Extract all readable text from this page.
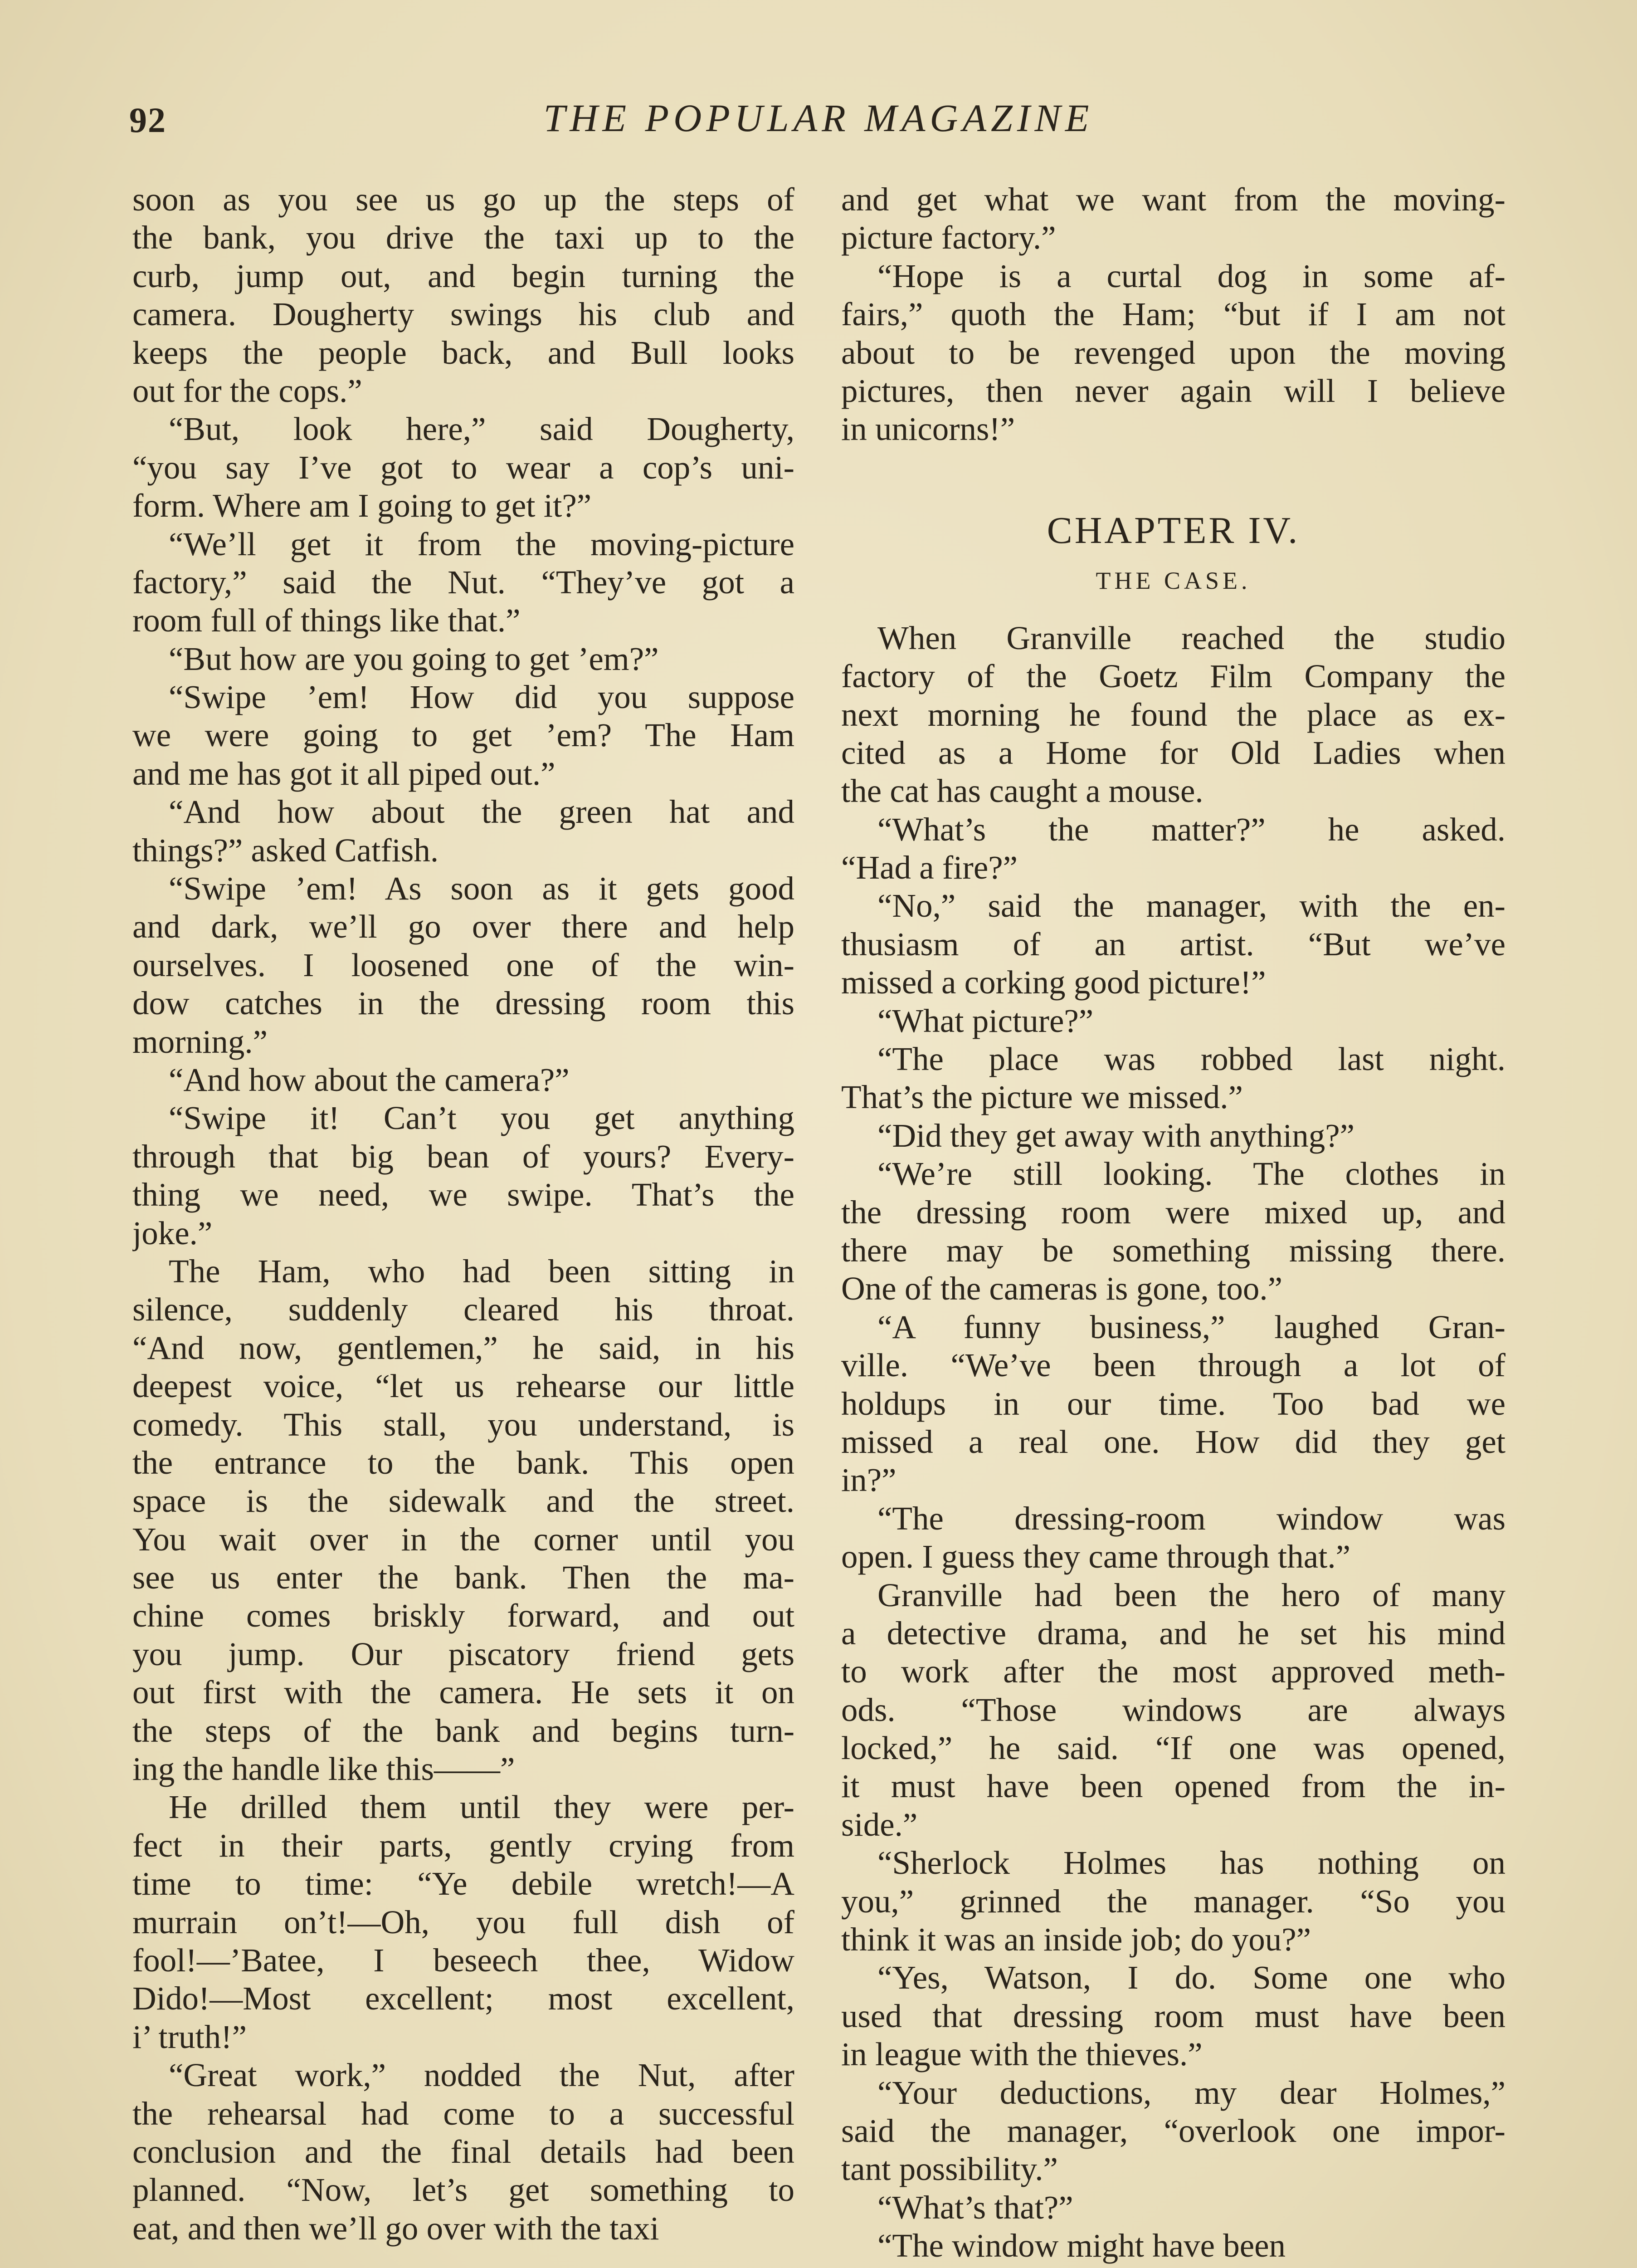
92	THE POPULAR MAGAZINE
soon as you see us go up the steps of
the bank, you drive the taxi up to the
curb, jump out, and begin turning the
camera. Dougherty swings his club and
keeps the people back, and Bull looks
out for the cops.”
“But, look here,” said Dougherty,
“you say I’ve got to wear a cop’s uni-
form. Where am I going to get it?”
“We’ll get it from the moving-picture
factory,” said the Nut. “They’ve got a
room full of things like that.”
“But how are you going to get ’em?”
“Swipe ’em! How did you suppose
we were going to get ’em? The Ham
and me has got it all piped out.”
“And how about the green hat and
things?” asked Catfish.
“Swipe ’em! As soon as it gets good
and dark, we’ll go over there and help
ourselves. I loosened one of the win-
dow catches in the dressing room this
morning.”
“And how about the camera?”
“Swipe it! Can’t you get anything
through that big bean of yours? Every-
thing we need, we swipe. That’s the
joke.”
The Ham, who had been sitting in
silence, suddenly cleared his throat.
“And now, gentlemen,” he said, in his
deepest voice, “let us rehearse our little
comedy. This stall, you understand, is
the entrance to the bank. This open
space is the sidewalk and the street.
You wait over in the corner until you
see us enter the bank. Then the ma-
chine comes briskly forward, and out
you jump. Our piscatory friend gets
out first with the camera. He sets it on
the steps of the bank and begins turn-
ing the handle like this——”
He drilled them until they were per-
fect in their parts, gently crying from
time to time: “Ye debile wretch!—A
murrain on’t!—Oh, you full dish of
fool!—’Batee, I beseech thee, Widow
Dido!—Most excellent; most excellent,
i’ truth!”
“Great work,” nodded the Nut, after
the rehearsal had come to a successful
conclusion and the final details had been
planned. “Now, let’s get something to
eat, and then we’ll go over with the taxi
and get what we want from the moving-
picture factory.”
“Hope is a curtal dog in some af-
fairs,” quoth the Ham; “but if I am not
about to be revenged upon the moving
pictures, then never again will I believe
in unicorns!”
CHAPTER IV.
THE CASE.
When Granville reached the studio
factory of the Goetz Film Company the
next morning he found the place as ex-
cited as a Home for Old Ladies when
the cat has caught a mouse.
“What’s the matter?” he asked.
“Had a fire?”
“No,” said the manager, with the en-
thusiasm of an artist. “But we’ve
missed a corking good picture!”
“What picture?”
“The place was robbed last night.
That’s the picture we missed.”
“Did they get away with anything?”
“We’re still looking. The clothes in
the dressing room were mixed up, and
there may be something missing there.
One of the cameras is gone, too.”
“A funny business,” laughed Gran-
ville. “We’ve been through a lot of
holdups in our time. Too bad we
missed a real one. How did they get
in?”
“The dressing-room window was
open. I guess they came through that.”
Granville had been the hero of many
a detective drama, and he set his mind
to work after the most approved meth-
ods. “Those windows are always
locked,” he said. “If one was opened,
it must have been opened from the in-
side.”
“Sherlock Holmes has nothing on
you,” grinned the manager. “So you
think it was an inside job; do you?”
“Yes, Watson, I do. Some one who
used that dressing room must have been
in league with the thieves.”
“Your deductions, my dear Holmes,”
said the manager, “overlook one impor-
tant possibility.”
“What’s that?”
“The window might have been
